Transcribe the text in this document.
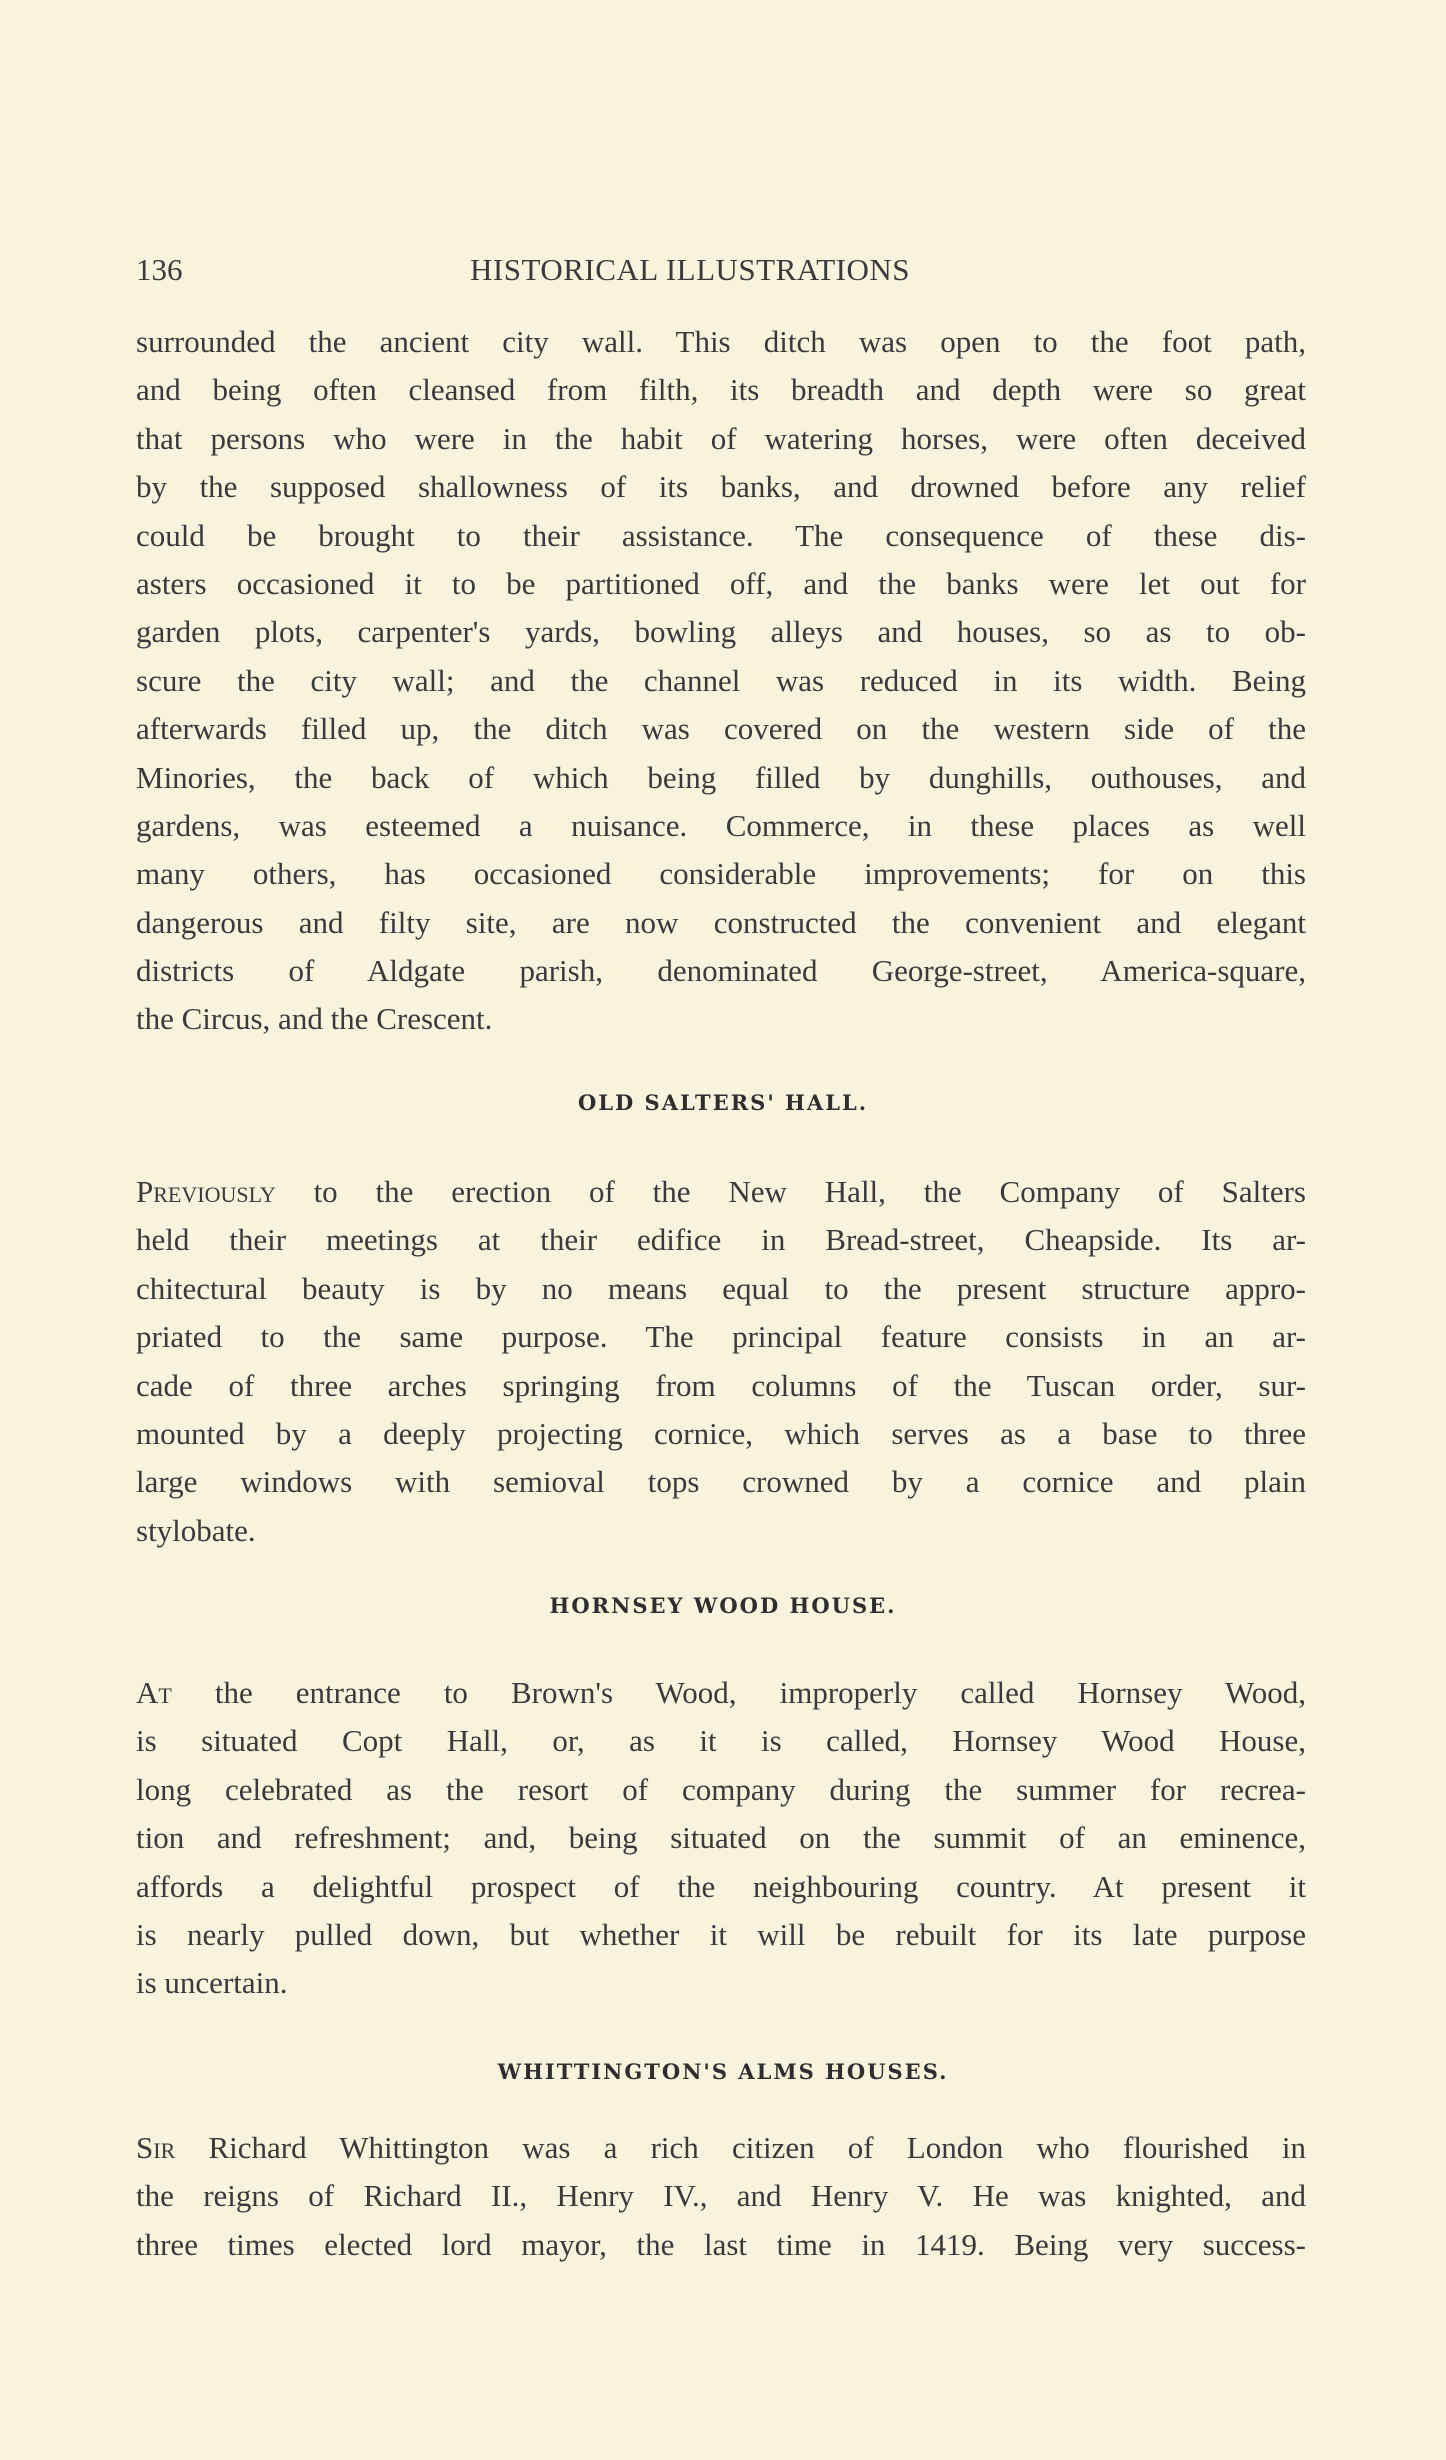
136	HISTORICAL ILLUSTRATIONS
surrounded the ancient city wall. This ditch was open to the foot path,
and being often cleansed from filth, its breadth and depth were so great
that persons who were in the habit of watering horses, were often deceived
by the supposed shallowness of its banks, and drowned before any relief
could be brought to their assistance. The consequence of these dis-
asters occasioned it to be partitioned off, and the banks were let out for
garden plots, carpenter's yards, bowling alleys and houses, so as to ob-
scure the city wall; and the channel was reduced in its width. Being
afterwards filled up, the ditch was covered on the western side of the
Minories, the back of which being filled by dunghills, outhouses, and
gardens, was esteemed a nuisance. Commerce, in these places as well
many others, has occasioned considerable improvements; for on this
dangerous and filty site, are now constructed the convenient and elegant
districts of Aldgate parish, denominated George-street, America-square,
the Circus, and the Crescent.
OLD SALTERS' HALL.
Previously to the erection of the New Hall, the Company of Salters
held their meetings at their edifice in Bread-street, Cheapside. Its ar-
chitectural beauty is by no means equal to the present structure appro-
priated to the same purpose. The principal feature consists in an ar-
cade of three arches springing from columns of the Tuscan order, sur-
mounted by a deeply projecting cornice, which serves as a base to three
large windows with semioval tops crowned by a cornice and plain
stylobate.
HORNSEY WOOD HOUSE.
At the entrance to Brown's Wood, improperly called Hornsey Wood,
is situated Copt Hall, or, as it is called, Hornsey Wood House,
long celebrated as the resort of company during the summer for recrea-
tion and refreshment; and, being situated on the summit of an eminence,
affords a delightful prospect of the neighbouring country. At present it
is nearly pulled down, but whether it will be rebuilt for its late purpose
is uncertain.
WHITTINGTON'S ALMS HOUSES.
Sir Richard Whittington was a rich citizen of London who flourished in
the reigns of Richard II., Henry IV., and Henry V. He was knighted, and
three times elected lord mayor, the last time in 1419. Being very success-
